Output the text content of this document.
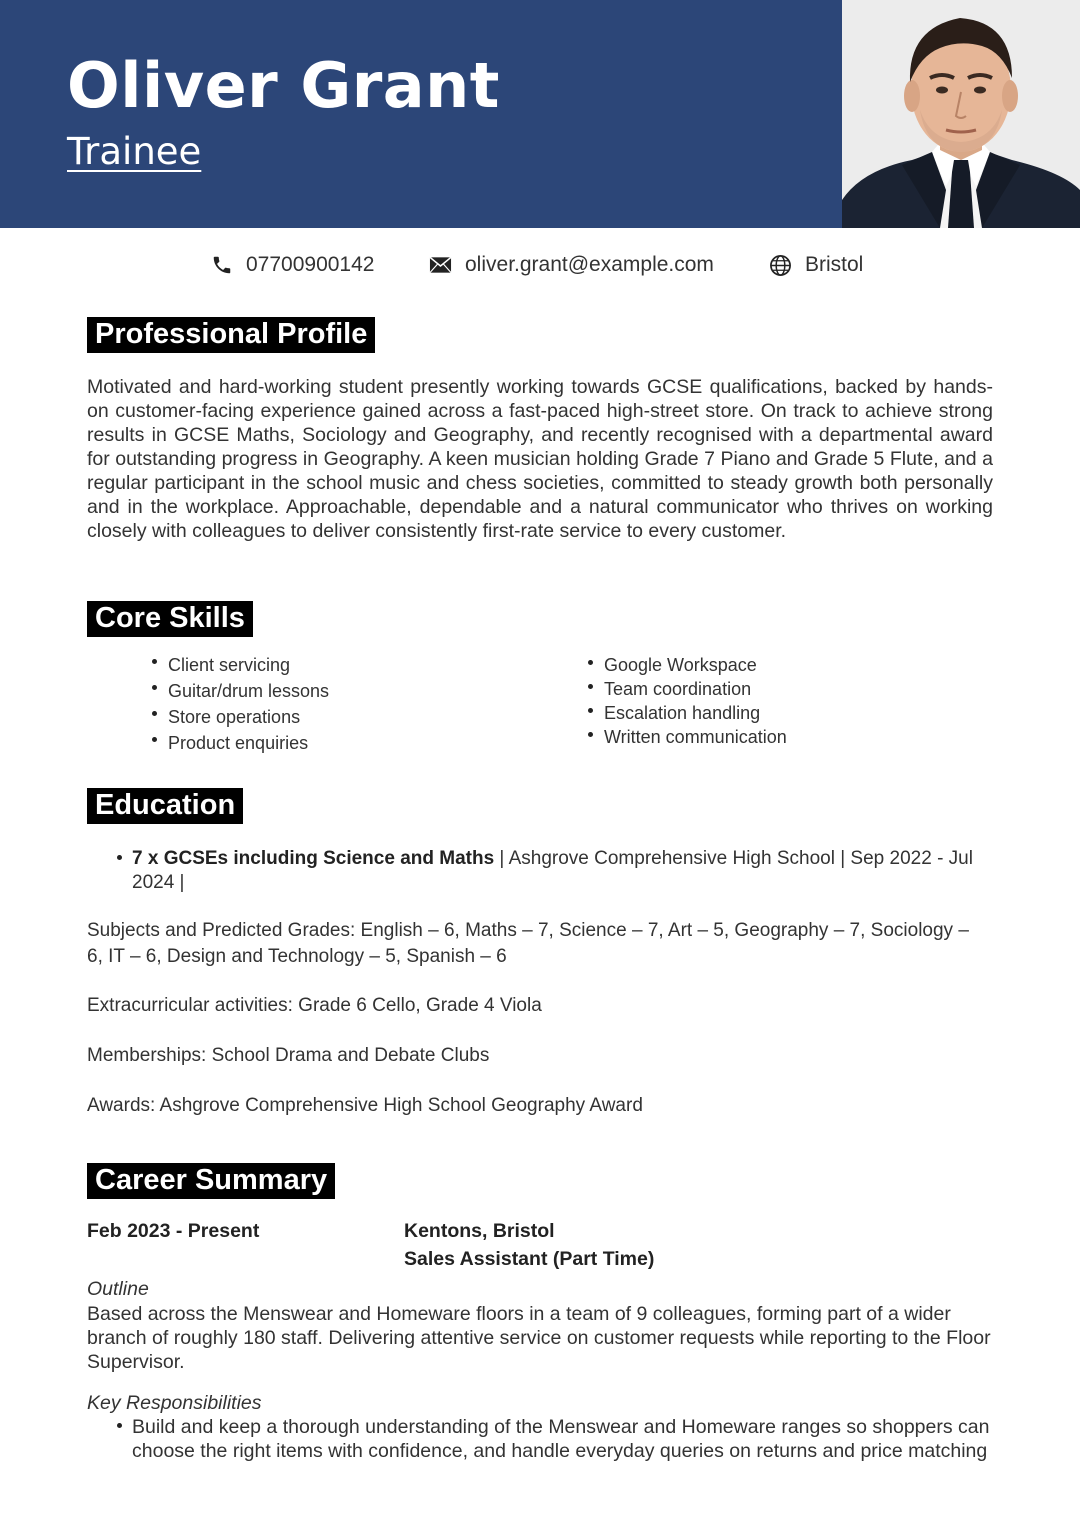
Oliver Grant
Trainee
07700900142	oliver.grant@example.com	Bristol
Professional Profile

Motivated and hard-working student presently working towards GCSE qualifications, backed by hands-on customer-facing experience gained across a fast-paced high-street store. On track to achieve strong results in GCSE Maths, Sociology and Geography, and recently recognised with a departmental award for outstanding progress in Geography. A keen musician holding Grade 7 Piano and Grade 5 Flute, and a regular participant in the school music and chess societies, committed to steady growth both personally and in the workplace. Approachable, dependable and a natural communicator who thrives on working closely with colleagues to deliver consistently first-rate service to every customer.

Core Skills
Client servicing
Guitar/drum lessons
Store operations
Product enquiries
Google Workspace
Team coordination
Escalation handling
Written communication
Education

7 x GCSEs including Science and Maths | Ashgrove Comprehensive High School | Sep 2022 - Jul 2024 |

Subjects and Predicted Grades: English – 6, Maths – 7, Science – 7, Art – 5, Geography – 7, Sociology – 6, IT – 6, Design and Technology – 5, Spanish – 6

Extracurricular activities: Grade 6 Cello, Grade 4 Viola

Memberships: School Drama and Debate Clubs

Awards: Ashgrove Comprehensive High School Geography Award

Career Summary

Feb 2023 - Present	Kentons, Bristol

Sales Assistant (Part Time)

Outline

Based across the Menswear and Homeware floors in a team of 9 colleagues, forming part of a wider branch of roughly 180 staff. Delivering attentive service on customer requests while reporting to the Floor Supervisor.

Key Responsibilities

Build and keep a thorough understanding of the Menswear and Homeware ranges so shoppers can choose the right items with confidence, and handle everyday queries on returns and price matching
